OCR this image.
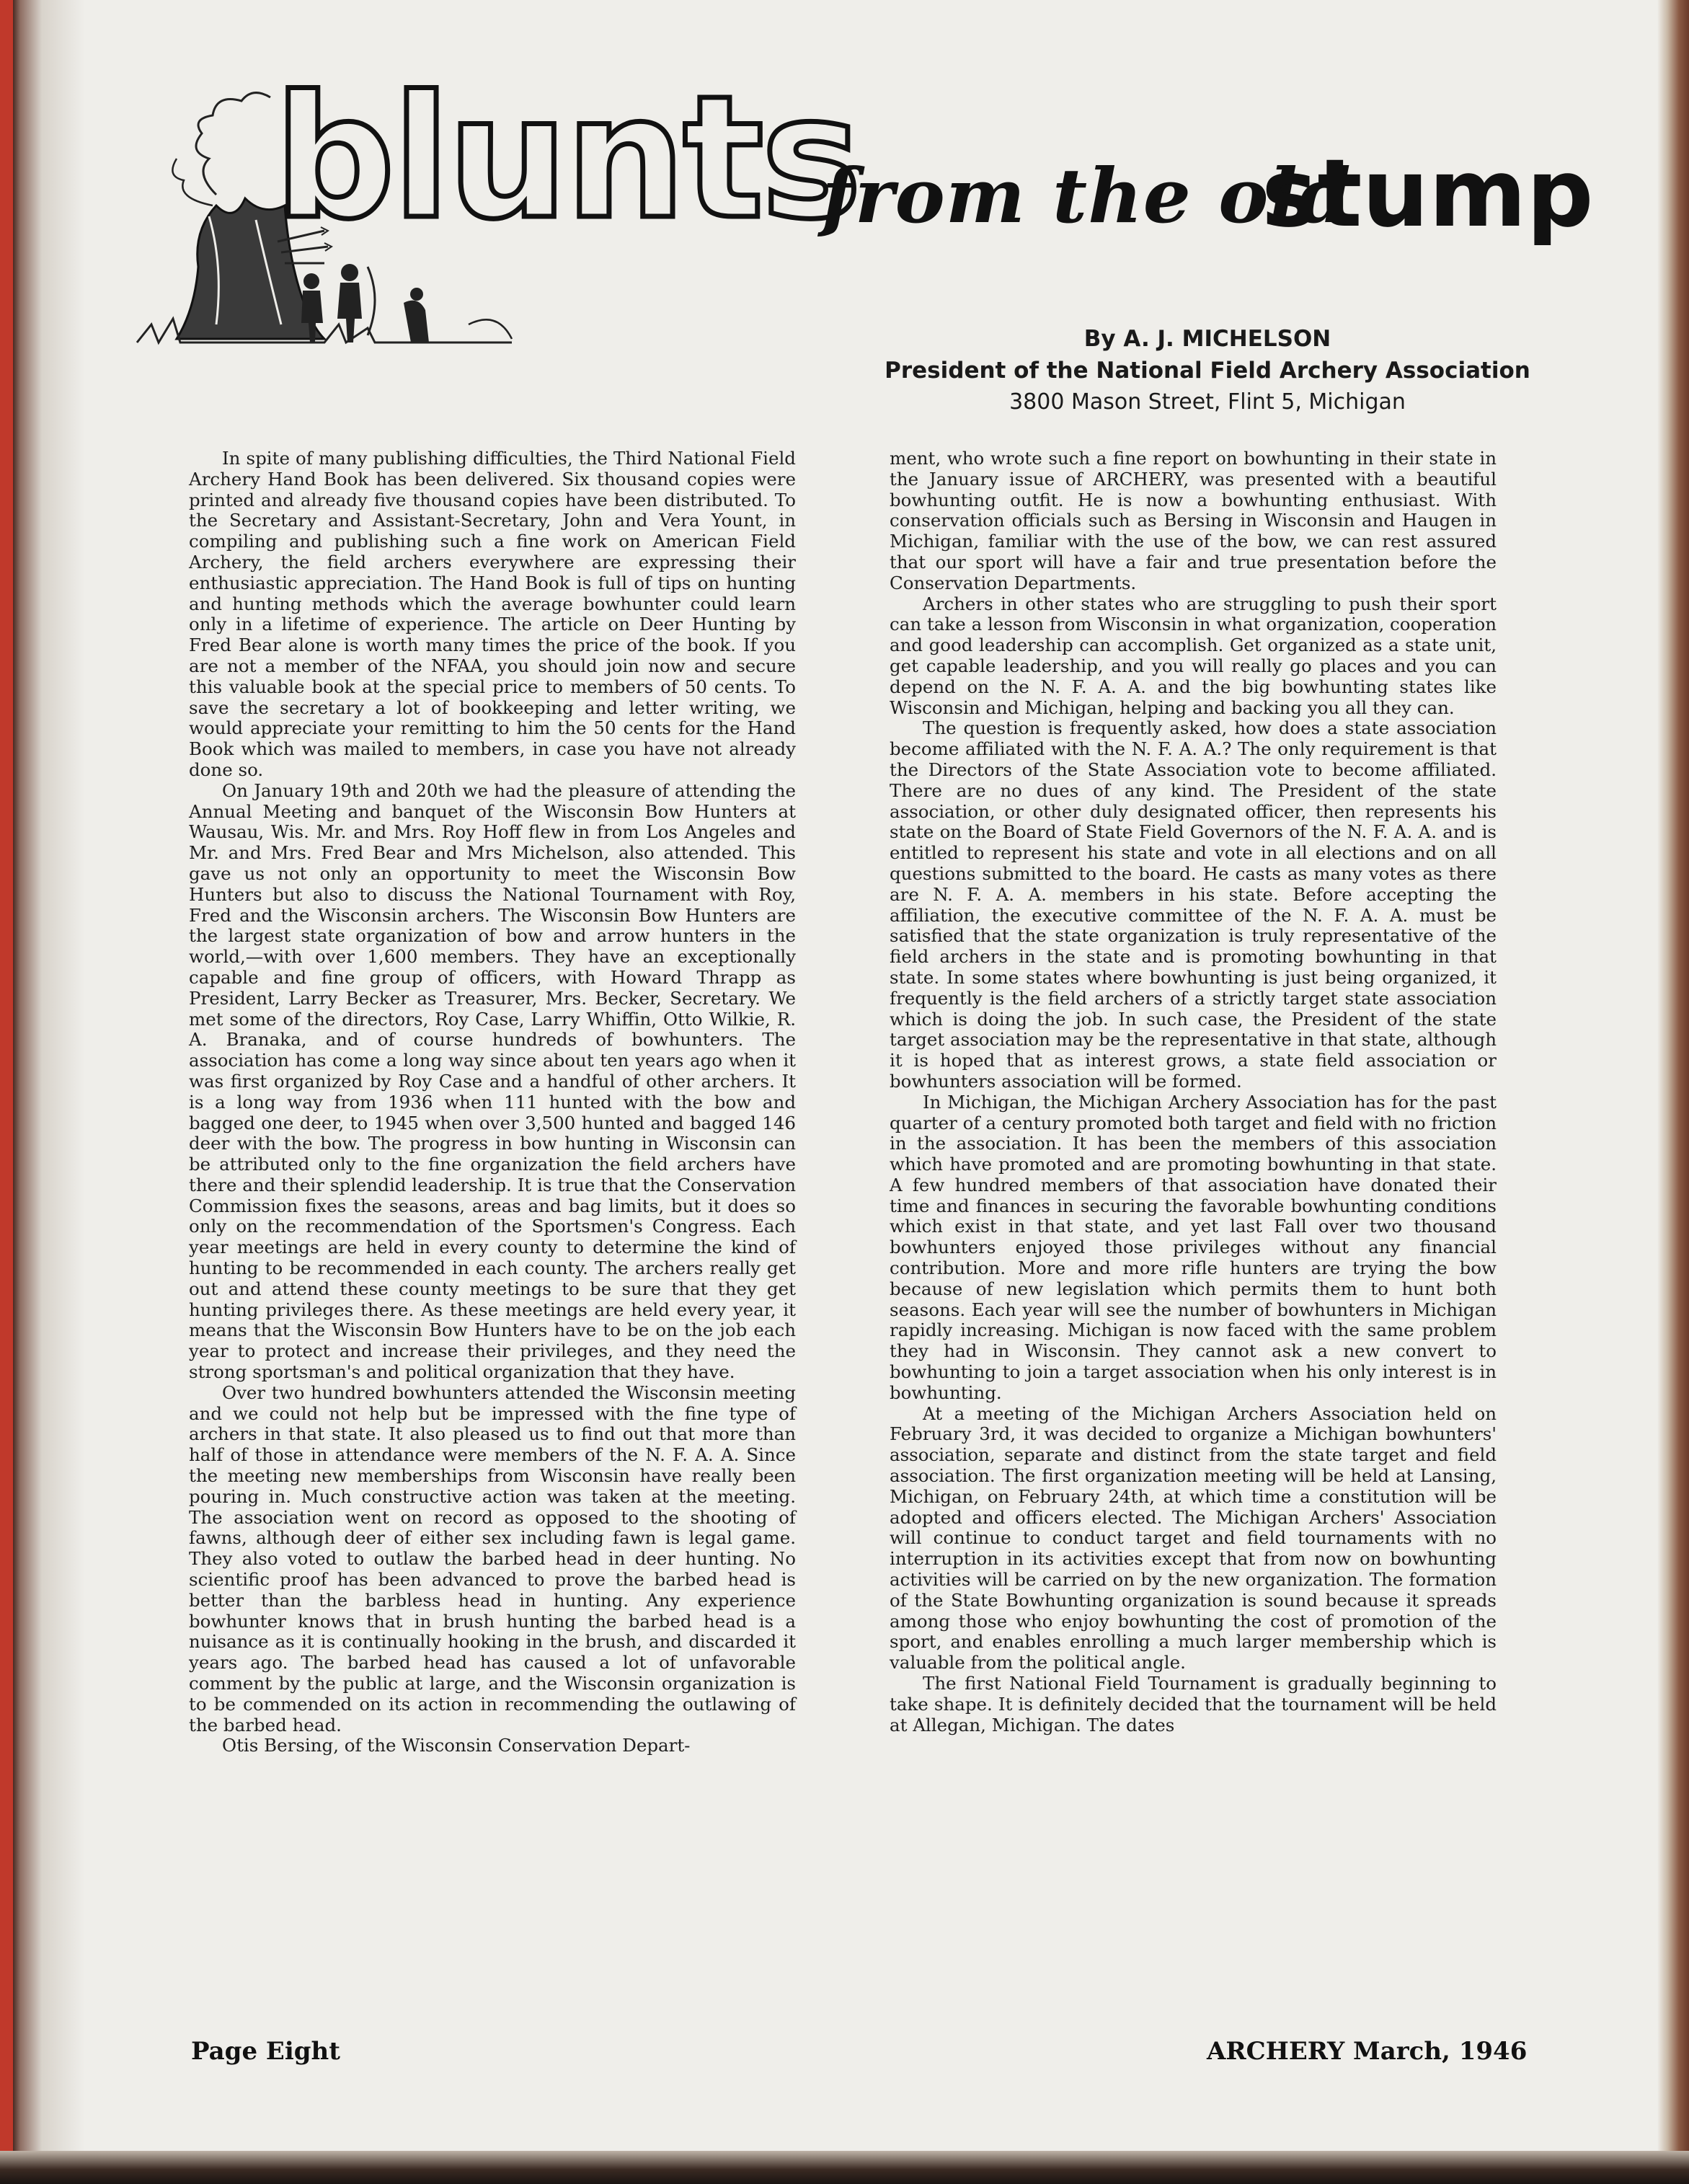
blunts
from the old
stump
By A. J. MICHELSON
President of the National Field Archery Association
3800 Mason Street, Flint 5, Michigan

In spite of many publishing difficulties, the Third National Field Archery Hand Book has been delivered. Six thousand copies were printed and already five thousand copies have been distributed. To the Secretary and Assistant-Secretary, John and Vera Yount, in compiling and publishing such a fine work on American Field Archery, the field archers everywhere are expressing their enthusiastic appreciation. The Hand Book is full of tips on hunting and hunting methods which the average bowhunter could learn only in a lifetime of experience. The article on Deer Hunting by Fred Bear alone is worth many times the price of the book. If you are not a member of the NFAA, you should join now and secure this valuable book at the special price to members of 50 cents. To save the secretary a lot of bookkeeping and letter writing, we would appreciate your remitting to him the 50 cents for the Hand Book which was mailed to members, in case you have not already done so.

On January 19th and 20th we had the pleasure of attending the Annual Meeting and banquet of the Wisconsin Bow Hunters at Wausau, Wis. Mr. and Mrs. Roy Hoff flew in from Los Angeles and Mr. and Mrs. Fred Bear and Mrs Michelson, also attended. This gave us not only an opportunity to meet the Wisconsin Bow Hunters but also to discuss the National Tournament with Roy, Fred and the Wisconsin archers. The Wisconsin Bow Hunters are the largest state organization of bow and arrow hunters in the world,—with over 1,600 members. They have an exceptionally capable and fine group of officers, with Howard Thrapp as President, Larry Becker as Treasurer, Mrs. Becker, Secretary. We met some of the directors, Roy Case, Larry Whiffin, Otto Wilkie, R. A. Branaka, and of course hundreds of bowhunters. The association has come a long way since about ten years ago when it was first organized by Roy Case and a handful of other archers. It is a long way from 1936 when 111 hunted with the bow and bagged one deer, to 1945 when over 3,500 hunted and bagged 146 deer with the bow. The progress in bow hunting in Wisconsin can be attributed only to the fine organization the field archers have there and their splendid leadership. It is true that the Conservation Commission fixes the seasons, areas and bag limits, but it does so only on the recommendation of the Sportsmen's Congress. Each year meetings are held in every county to determine the kind of hunting to be recommended in each county. The archers really get out and attend these county meetings to be sure that they get hunting privileges there. As these meetings are held every year, it means that the Wisconsin Bow Hunters have to be on the job each year to protect and increase their privileges, and they need the strong sportsman's and political organization that they have.

Over two hundred bowhunters attended the Wisconsin meeting and we could not help but be impressed with the fine type of archers in that state. It also pleased us to find out that more than half of those in attendance were members of the N. F. A. A. Since the meeting new memberships from Wisconsin have really been pouring in. Much constructive action was taken at the meeting. The association went on record as opposed to the shooting of fawns, although deer of either sex including fawn is legal game. They also voted to outlaw the barbed head in deer hunting. No scientific proof has been advanced to prove the barbed head is better than the barbless head in hunting. Any experience bowhunter knows that in brush hunting the barbed head is a nuisance as it is continually hooking in the brush, and discarded it years ago. The barbed head has caused a lot of unfavorable comment by the public at large, and the Wisconsin organization is to be commended on its action in recommending the outlawing of the barbed head.

Otis Bersing, of the Wisconsin Conservation Depart-

ment, who wrote such a fine report on bowhunting in their state in the January issue of ARCHERY, was presented with a beautiful bowhunting outfit. He is now a bowhunting enthusiast. With conservation officials such as Bersing in Wisconsin and Haugen in Michigan, familiar with the use of the bow, we can rest assured that our sport will have a fair and true presentation before the Conservation Departments.

Archers in other states who are struggling to push their sport can take a lesson from Wisconsin in what organization, cooperation and good leadership can accomplish. Get organized as a state unit, get capable leadership, and you will really go places and you can depend on the N. F. A. A. and the big bowhunting states like Wisconsin and Michigan, helping and backing you all they can.

The question is frequently asked, how does a state association become affiliated with the N. F. A. A.? The only requirement is that the Directors of the State Association vote to become affiliated. There are no dues of any kind. The President of the state association, or other duly designated officer, then represents his state on the Board of State Field Governors of the N. F. A. A. and is entitled to represent his state and vote in all elections and on all questions submitted to the board. He casts as many votes as there are N. F. A. A. members in his state. Before accepting the affiliation, the executive committee of the N. F. A. A. must be satisfied that the state organization is truly representative of the field archers in the state and is promoting bowhunting in that state. In some states where bowhunting is just being organized, it frequently is the field archers of a strictly target state association which is doing the job. In such case, the President of the state target association may be the representative in that state, although it is hoped that as interest grows, a state field association or bowhunters association will be formed.

In Michigan, the Michigan Archery Association has for the past quarter of a century promoted both target and field with no friction in the association. It has been the members of this association which have promoted and are promoting bowhunting in that state. A few hundred members of that association have donated their time and finances in securing the favorable bowhunting conditions which exist in that state, and yet last Fall over two thousand bowhunters enjoyed those privileges without any financial contribution. More and more rifle hunters are trying the bow because of new legislation which permits them to hunt both seasons. Each year will see the number of bowhunters in Michigan rapidly increasing. Michigan is now faced with the same problem they had in Wisconsin. They cannot ask a new convert to bowhunting to join a target association when his only interest is in bowhunting.

At a meeting of the Michigan Archers Association held on February 3rd, it was decided to organize a Michigan bowhunters' association, separate and distinct from the state target and field association. The first organization meeting will be held at Lansing, Michigan, on February 24th, at which time a constitution will be adopted and officers elected. The Michigan Archers' Association will continue to conduct target and field tournaments with no interruption in its activities except that from now on bowhunting activities will be carried on by the new organization. The formation of the State Bowhunting organization is sound because it spreads among those who enjoy bowhunting the cost of promotion of the sport, and enables enrolling a much larger membership which is valuable from the political angle.

The first National Field Tournament is gradually beginning to take shape. It is definitely decided that the tournament will be held at Allegan, Michigan. The dates

Page Eight	ARCHERY March, 1946
